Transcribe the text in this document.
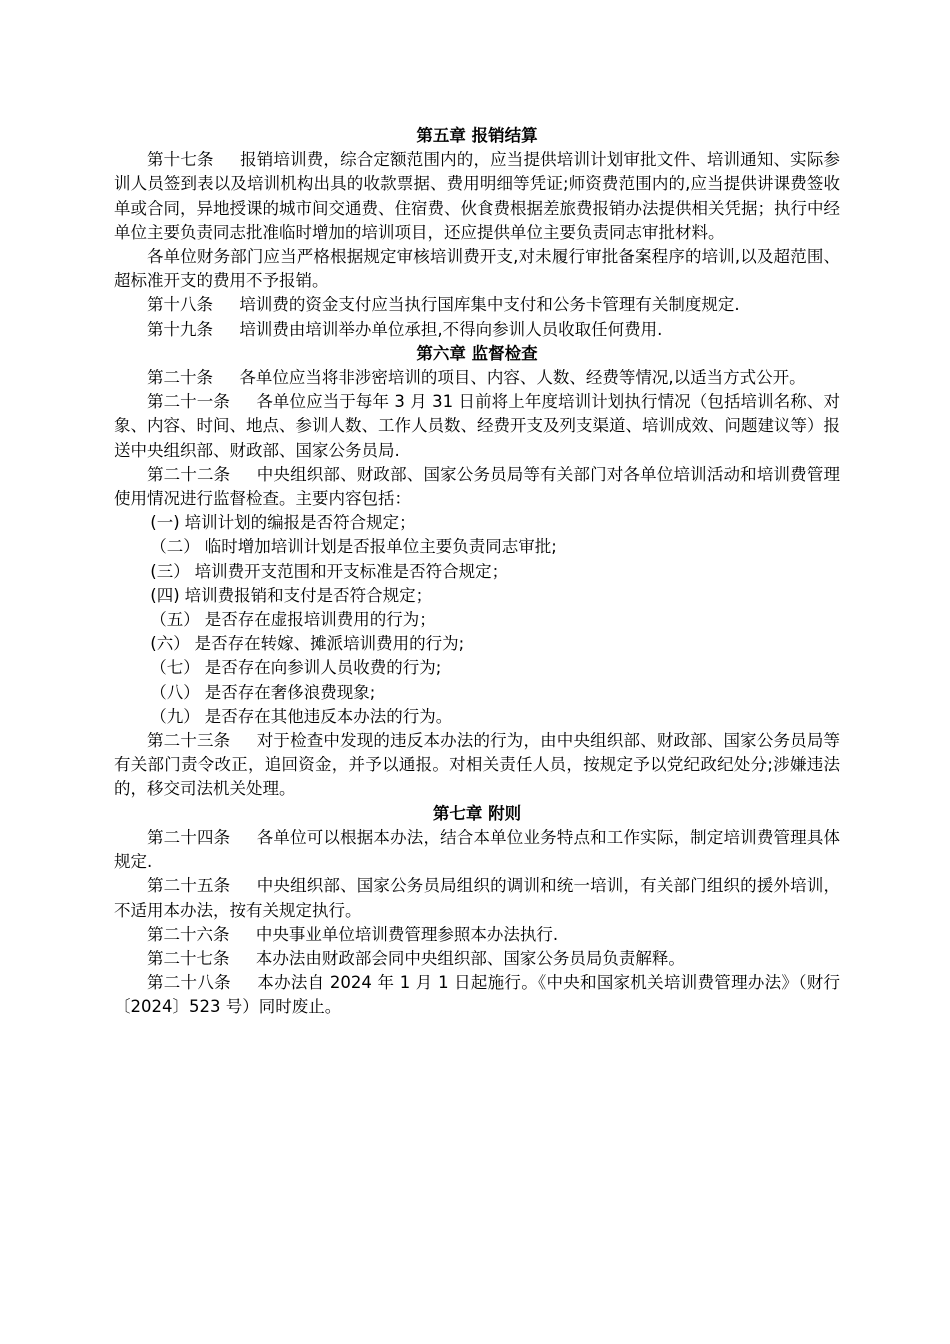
第五章 报销结算

第十七条 报销培训费，综合定额范围内的，应当提供培训计划审批文件、培训通知、实际参训人员签到表以及培训机构出具的收款票据、费用明细等凭证;师资费范围内的,应当提供讲课费签收单或合同，异地授课的城市间交通费、住宿费、伙食费根据差旅费报销办法提供相关凭据；执行中经单位主要负责同志批准临时增加的培训项目，还应提供单位主要负责同志审批材料。

各单位财务部门应当严格根据规定审核培训费开支,对未履行审批备案程序的培训,以及超范围、超标准开支的费用不予报销。

第十八条 培训费的资金支付应当执行国库集中支付和公务卡管理有关制度规定.

第十九条 培训费由培训举办单位承担,不得向参训人员收取任何费用.

第六章 监督检查

第二十条 各单位应当将非涉密培训的项目、内容、人数、经费等情况,以适当方式公开。

第二十一条 各单位应当于每年 3 月 31 日前将上年度培训计划执行情况（包括培训名称、对象、内容、时间、地点、参训人数、工作人员数、经费开支及列支渠道、培训成效、问题建议等）报送中央组织部、财政部、国家公务员局.

第二十二条 中央组织部、财政部、国家公务员局等有关部门对各单位培训活动和培训费管理使用情况进行监督检查。主要内容包括：

(一) 培训计划的编报是否符合规定；

（二） 临时增加培训计划是否报单位主要负责同志审批;

(三） 培训费开支范围和开支标准是否符合规定；

(四) 培训费报销和支付是否符合规定；

（五） 是否存在虚报培训费用的行为；

(六） 是否存在转嫁、摊派培训费用的行为;

（七） 是否存在向参训人员收费的行为;

（八） 是否存在奢侈浪费现象;

（九） 是否存在其他违反本办法的行为。

第二十三条 对于检查中发现的违反本办法的行为，由中央组织部、财政部、国家公务员局等有关部门责令改正，追回资金，并予以通报。对相关责任人员，按规定予以党纪政纪处分;涉嫌违法的，移交司法机关处理。

第七章 附则

第二十四条 各单位可以根据本办法，结合本单位业务特点和工作实际，制定培训费管理具体规定.

第二十五条 中央组织部、国家公务员局组织的调训和统一培训，有关部门组织的援外培训，不适用本办法，按有关规定执行。

第二十六条 中央事业单位培训费管理参照本办法执行.

第二十七条 本办法由财政部会同中央组织部、国家公务员局负责解释。

第二十八条 本办法自 2024 年 1 月 1 日起施行。《中央和国家机关培训费管理办法》（财行〔2024〕523 号）同时废止。
